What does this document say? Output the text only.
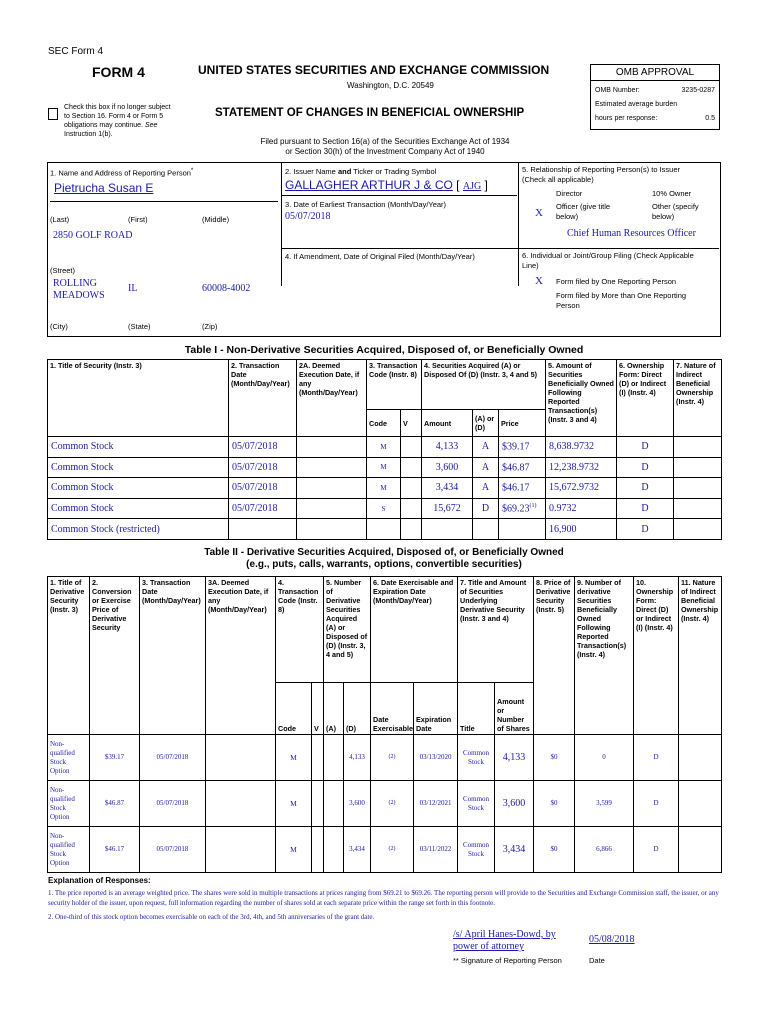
SEC Form 4
FORM 4	UNITED STATES SECURITIES AND EXCHANGE COMMISSION
Washington, D.C. 20549
Check this box if no longer subject
to Section 16. Form 4 or Form 5
obligations may continue. See
Instruction 1(b).
STATEMENT OF CHANGES IN BENEFICIAL OWNERSHIP
Filed pursuant to Section 16(a) of the Securities Exchange Act of 1934
or Section 30(h) of the Investment Company Act of 1940
OMB APPROVAL
OMB Number:	3235-0287
Estimated average burden
hours per response:	0.5
1. Name and Address of Reporting Person*
Pietrucha Susan E
(Last)	(First)	(Middle)
2850 GOLF ROAD
(Street)
ROLLING
MEADOWS
IL	60008-4002
(City)	(State)	(Zip)
2. Issuer Name and Ticker or Trading Symbol
GALLAGHER ARTHUR J & CO [ AJG ]
3. Date of Earliest Transaction (Month/Day/Year)
05/07/2018
4. If Amendment, Date of Original Filed (Month/Day/Year)
5. Relationship of Reporting Person(s) to Issuer
(Check all applicable)
Director	10% Owner
X
Officer (give title
below)
Other (specify
below)
Chief Human Resources Officer
6. Individual or Joint/Group Filing (Check Applicable
Line)
X Form filed by One Reporting Person
Form filed by More than One Reporting
Person
Table I - Non-Derivative Securities Acquired, Disposed of, or Beneficially Owned
1. Title of Security (Instr. 3)	2. Transaction Date (Month/Day/Year)	2A. Deemed Execution Date, if any (Month/Day/Year)	3. Transaction Code (Instr. 8)		4. Securities Acquired (A) or Disposed Of (D) (Instr. 3, 4 and 5)			5. Amount of Securities Beneficially Owned Following Reported Transaction(s) (Instr. 3 and 4)	6. Ownership Form: Direct (D) or Indirect (I) (Instr. 4)	7. Nature of Indirect Beneficial Ownership (Instr. 4)
			Code	V	Amount	(A) or (D)	Price			
Common Stock	05/07/2018		M		4,133	A	$39.17	8,638.9732	D	
Common Stock	05/07/2018		M		3,600	A	$46.87	12,238.9732	D	
Common Stock	05/07/2018		M		3,434	A	$46.17	15,672.9732	D	
Common Stock	05/07/2018		S		15,672	D	$69.23$^{(1)}$	0.9732	D	
Common Stock (restricted)								16,900	D	
Table II - Derivative Securities Acquired, Disposed of, or Beneficially Owned
(e.g., puts, calls, warrants, options, convertible securities)
1. Title of Derivative Security (Instr. 3)	2. Conversion or Exercise Price of Derivative Security	3. Transaction Date (Month/Day/Year)	3A. Deemed Execution Date, if any (Month/Day/Year)	4. Transaction Code (Instr. 8)		5. Number of Derivative Securities Acquired (A) or Disposed of (D) (Instr. 3, 4 and 5)		6. Date Exercisable and Expiration Date (Month/Day/Year)		7. Title and Amount of Securities Underlying Derivative Security (Instr. 3 and 4)		8. Price of Derivative Security (Instr. 5)	9. Number of derivative Securities Beneficially Owned Following Reported Transaction(s) (Instr. 4)	10. Ownership Form: Direct (D) or Indirect (I) (Instr. 4)	11. Nature of Indirect Beneficial Ownership (Instr. 4)
				Code	V	(A)	(D)	Date Exercisable	Expiration Date	Title	Amount or Number of Shares				
Non-qualified Stock Option	$39.17	05/07/2018		M			4,133	(2)	03/13/2020	Common Stock	4,133	$0	0	D	
Non-qualified Stock Option	$46.87	05/07/2018		M			3,600	(2)	03/12/2021	Common Stock	3,600	$0	3,599	D	
Non-qualified Stock Option	$46.17	05/07/2018		M			3,434	(2)	03/11/2022	Common Stock	3,434	$0	6,866	D	
Explanation of Responses:
1. The price reported is an average weighted price. The shares were sold in multiple transactions at prices ranging from $69.21 to $69.26. The reporting person will provide to the Securities and Exchange Commission staff, the issuer, or any security holder of the issuer, upon request, full information regarding the number of shares sold at each separate price within the range set forth in this footnote.
2. One-third of this stock option becomes exercisable on each of the 3rd, 4th, and 5th anniversaries of the grant date.
/s/ April Hanes-Dowd, by
power of attorney
05/08/2018
** Signature of Reporting Person	Date
